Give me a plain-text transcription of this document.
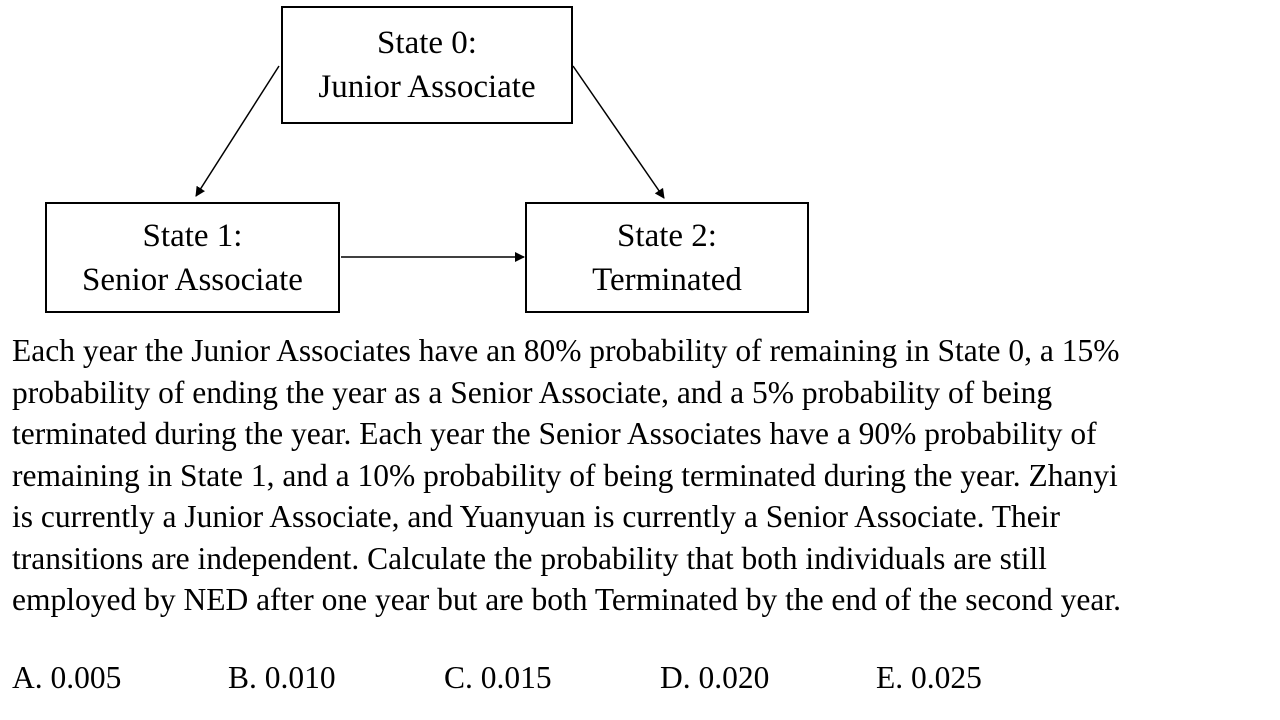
State 0:
Junior Associate
State 1:
Senior Associate
State 2:
Terminated
Each year the Junior Associates have an 80% probability of remaining in State 0, a 15%
probability of ending the year as a Senior Associate, and a 5% probability of being
terminated during the year. Each year the Senior Associates have a 90% probability of
remaining in State 1, and a 10% probability of being terminated during the year. Zhanyi
is currently a Junior Associate, and Yuanyuan is currently a Senior Associate. Their
transitions are independent. Calculate the probability that both individuals are still
employed by NED after one year but are both Terminated by the end of the second year.
A. 0.005	B. 0.010	C. 0.015	D. 0.020	E. 0.025
